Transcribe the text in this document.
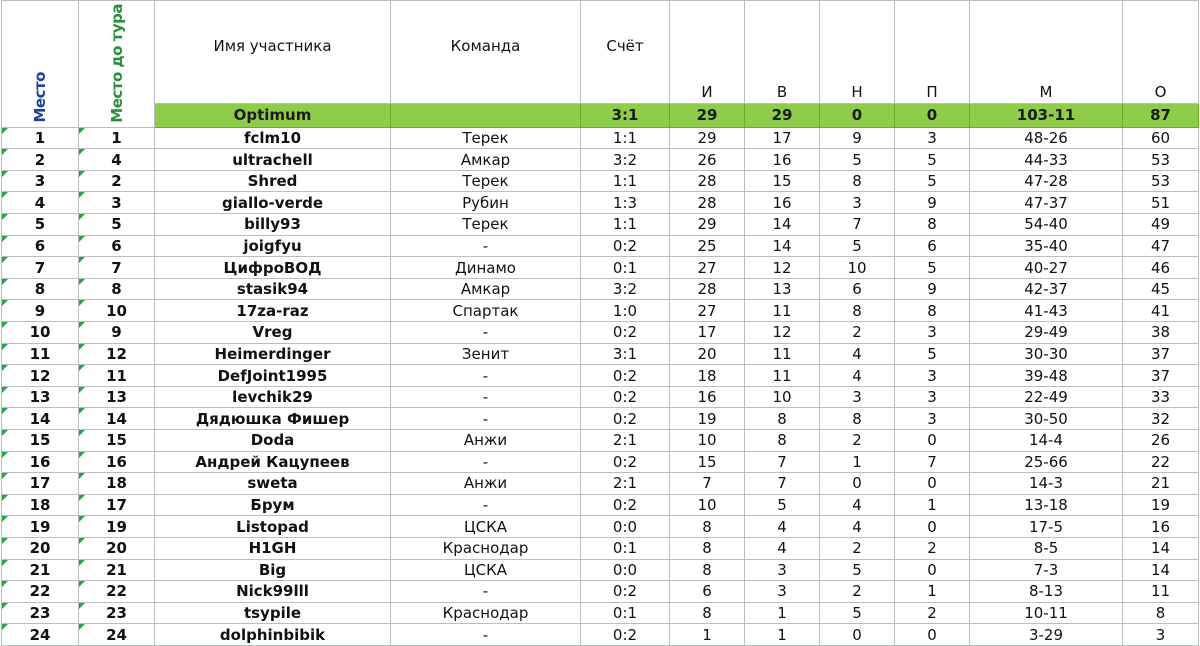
Место	Место до тура	Имя участника	Команда	Счёт	И	В	Н	П	М	О
		Optimum		3:1	29	29	0	0	103-11	87
1	1	fclm10	Терек	1:1	29	17	9	3	48-26	60
2	4	ultrachell	Амкар	3:2	26	16	5	5	44-33	53
3	2	Shred	Терек	1:1	28	15	8	5	47-28	53
4	3	giallo-verde	Рубин	1:3	28	16	3	9	47-37	51
5	5	billy93	Терек	1:1	29	14	7	8	54-40	49
6	6	joigfyu	-	0:2	25	14	5	6	35-40	47
7	7	ЦифроВОД	Динамо	0:1	27	12	10	5	40-27	46
8	8	stasik94	Амкар	3:2	28	13	6	9	42-37	45
9	10	17za-raz	Спартак	1:0	27	11	8	8	41-43	41
10	9	Vreg	-	0:2	17	12	2	3	29-49	38
11	12	Heimerdinger	Зенит	3:1	20	11	4	5	30-30	37
12	11	DefJoint1995	-	0:2	18	11	4	3	39-48	37
13	13	levchik29	-	0:2	16	10	3	3	22-49	33
14	14	Дядюшка Фишер	-	0:2	19	8	8	3	30-50	32
15	15	Doda	Анжи	2:1	10	8	2	0	14-4	26
16	16	Андрей Кацупеев	-	0:2	15	7	1	7	25-66	22
17	18	sweta	Анжи	2:1	7	7	0	0	14-3	21
18	17	Брум	-	0:2	10	5	4	1	13-18	19
19	19	Listopad	ЦСКА	0:0	8	4	4	0	17-5	16
20	20	H1GH	Краснодар	0:1	8	4	2	2	8-5	14
21	21	Big	ЦСКА	0:0	8	3	5	0	7-3	14
22	22	Nick99lll	-	0:2	6	3	2	1	8-13	11
23	23	tsypile	Краснодар	0:1	8	1	5	2	10-11	8
24	24	dolphinbibik	-	0:2	1	1	0	0	3-29	3
